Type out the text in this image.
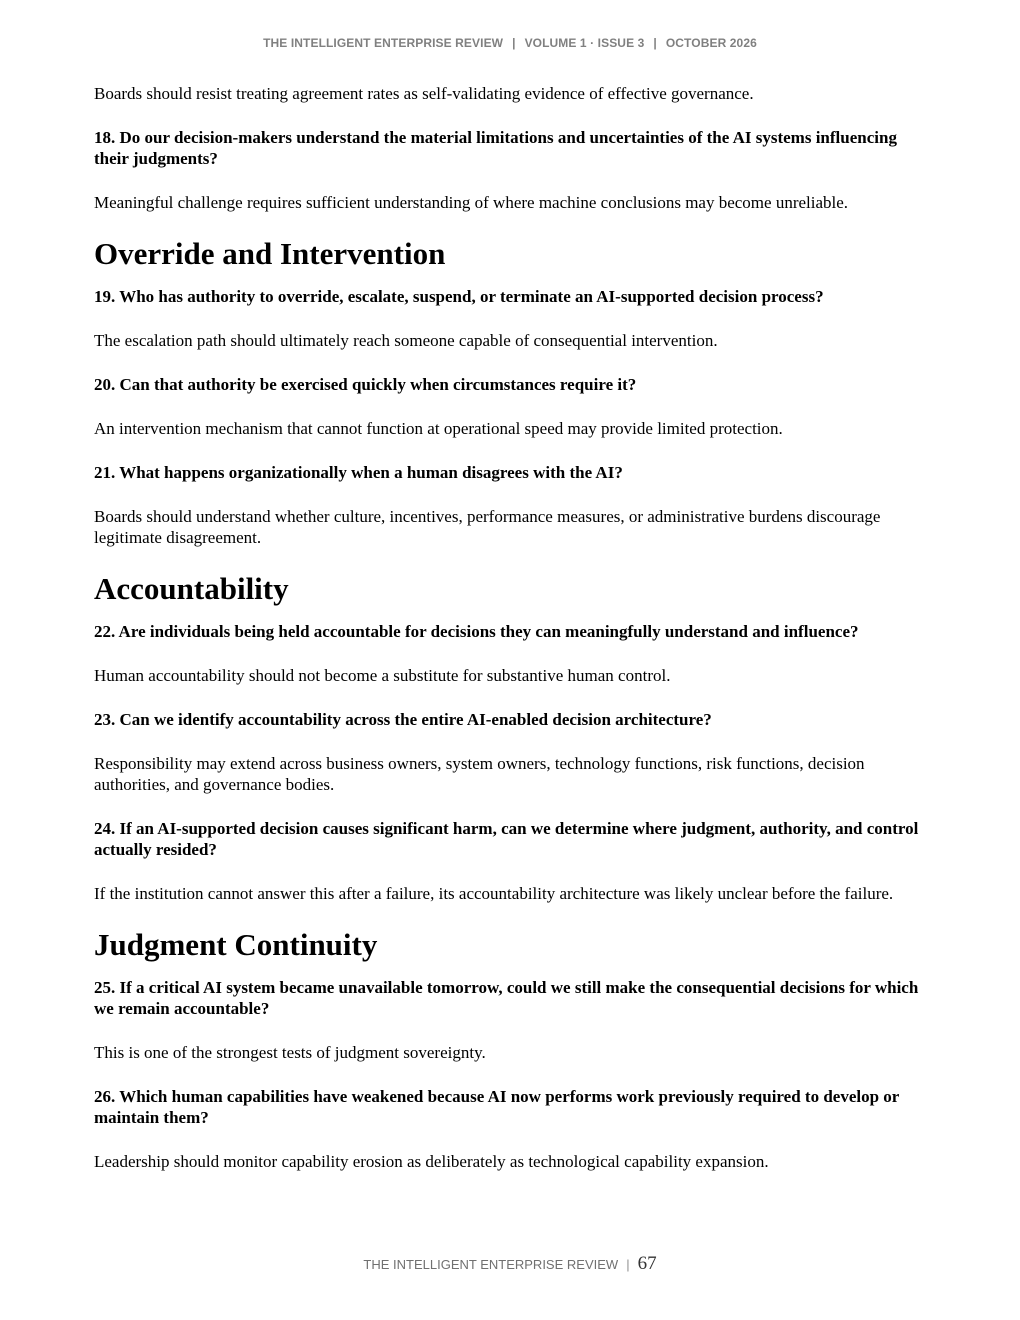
THE INTELLIGENT ENTERPRISE REVIEW | VOLUME 1 · ISSUE 3 | OCTOBER 2026

Boards should resist treating agreement rates as self-validating evidence of effective governance.

18. Do our decision-makers understand the material limitations and uncertainties of the AI systems influencing their judgments?

Meaningful challenge requires sufficient understanding of where machine conclusions may become unreliable.

Override and Intervention

19. Who has authority to override, escalate, suspend, or terminate an AI-supported decision process?

The escalation path should ultimately reach someone capable of consequential intervention.

20. Can that authority be exercised quickly when circumstances require it?

An intervention mechanism that cannot function at operational speed may provide limited protection.

21. What happens organizationally when a human disagrees with the AI?

Boards should understand whether culture, incentives, performance measures, or administrative burdens discourage legitimate disagreement.

Accountability

22. Are individuals being held accountable for decisions they can meaningfully understand and influence?

Human accountability should not become a substitute for substantive human control.

23. Can we identify accountability across the entire AI-enabled decision architecture?

Responsibility may extend across business owners, system owners, technology functions, risk functions, decision authorities, and governance bodies.

24. If an AI-supported decision causes significant harm, can we determine where judgment, authority, and control actually resided?

If the institution cannot answer this after a failure, its accountability architecture was likely unclear before the failure.

Judgment Continuity

25. If a critical AI system became unavailable tomorrow, could we still make the consequential decisions for which we remain accountable?

This is one of the strongest tests of judgment sovereignty.

26. Which human capabilities have weakened because AI now performs work previously required to develop or maintain them?

Leadership should monitor capability erosion as deliberately as technological capability expansion.

THE INTELLIGENT ENTERPRISE REVIEW | 67
